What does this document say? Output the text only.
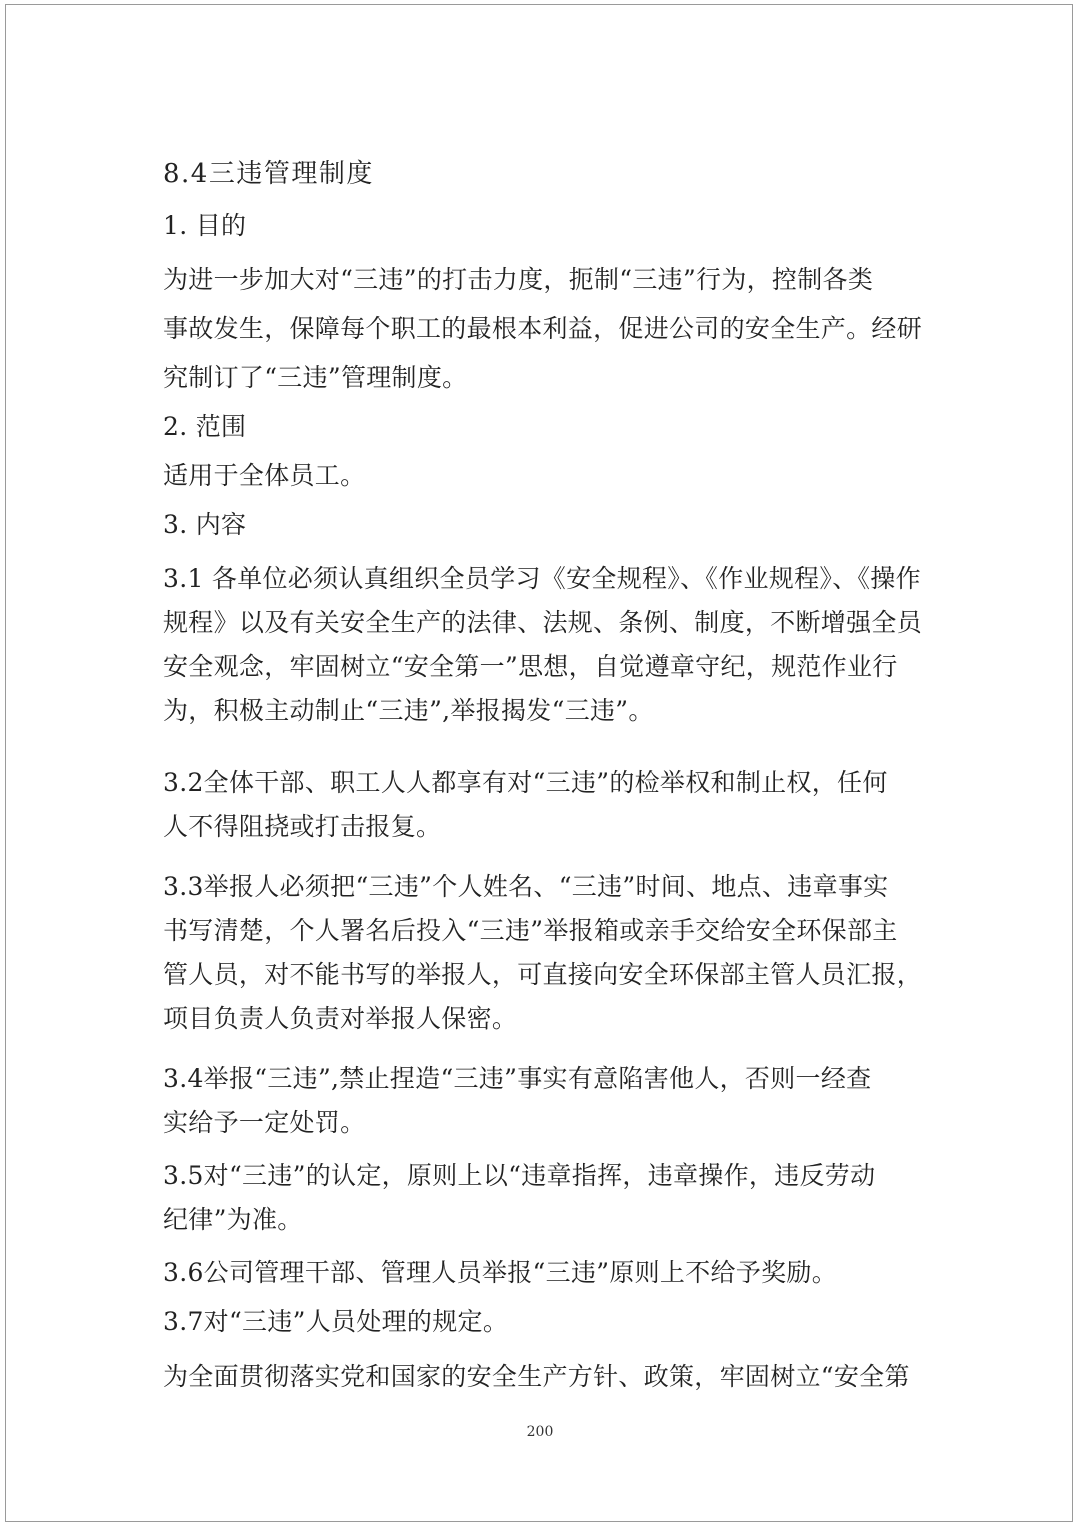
8.4三违管理制度
1. 目的
为进一步加大对“三违”的打击力度，扼制“三违”行为，控制各类
事故发生，保障每个职工的最根本利益，促进公司的安全生产。经研
究制订了“三违”管理制度。
2. 范围
适用于全体员工。
3. 内容
3.1 各单位必须认真组织全员学习《安全规程》、《作业规程》、《操作
规程》以及有关安全生产的法律、法规、条例、制度，不断增强全员
安全观念，牢固树立“安全第一”思想，自觉遵章守纪，规范作业行
为，积极主动制止“三违”,举报揭发“三违”。
3.2全体干部、职工人人都享有对“三违”的检举权和制止权，任何
人不得阻挠或打击报复。
3.3举报人必须把“三违”个人姓名、“三违”时间、地点、违章事实
书写清楚，个人署名后投入“三违”举报箱或亲手交给安全环保部主
管人员，对不能书写的举报人，可直接向安全环保部主管人员汇报，
项目负责人负责对举报人保密。
3.4举报“三违”,禁止捏造“三违”事实有意陷害他人，否则一经查
实给予一定处罚。
3.5对“三违”的认定，原则上以“违章指挥，违章操作，违反劳动
纪律”为准。
3.6公司管理干部、管理人员举报“三违”原则上不给予奖励。
3.7对“三违”人员处理的规定。
为全面贯彻落实党和国家的安全生产方针、政策，牢固树立“安全第
200
